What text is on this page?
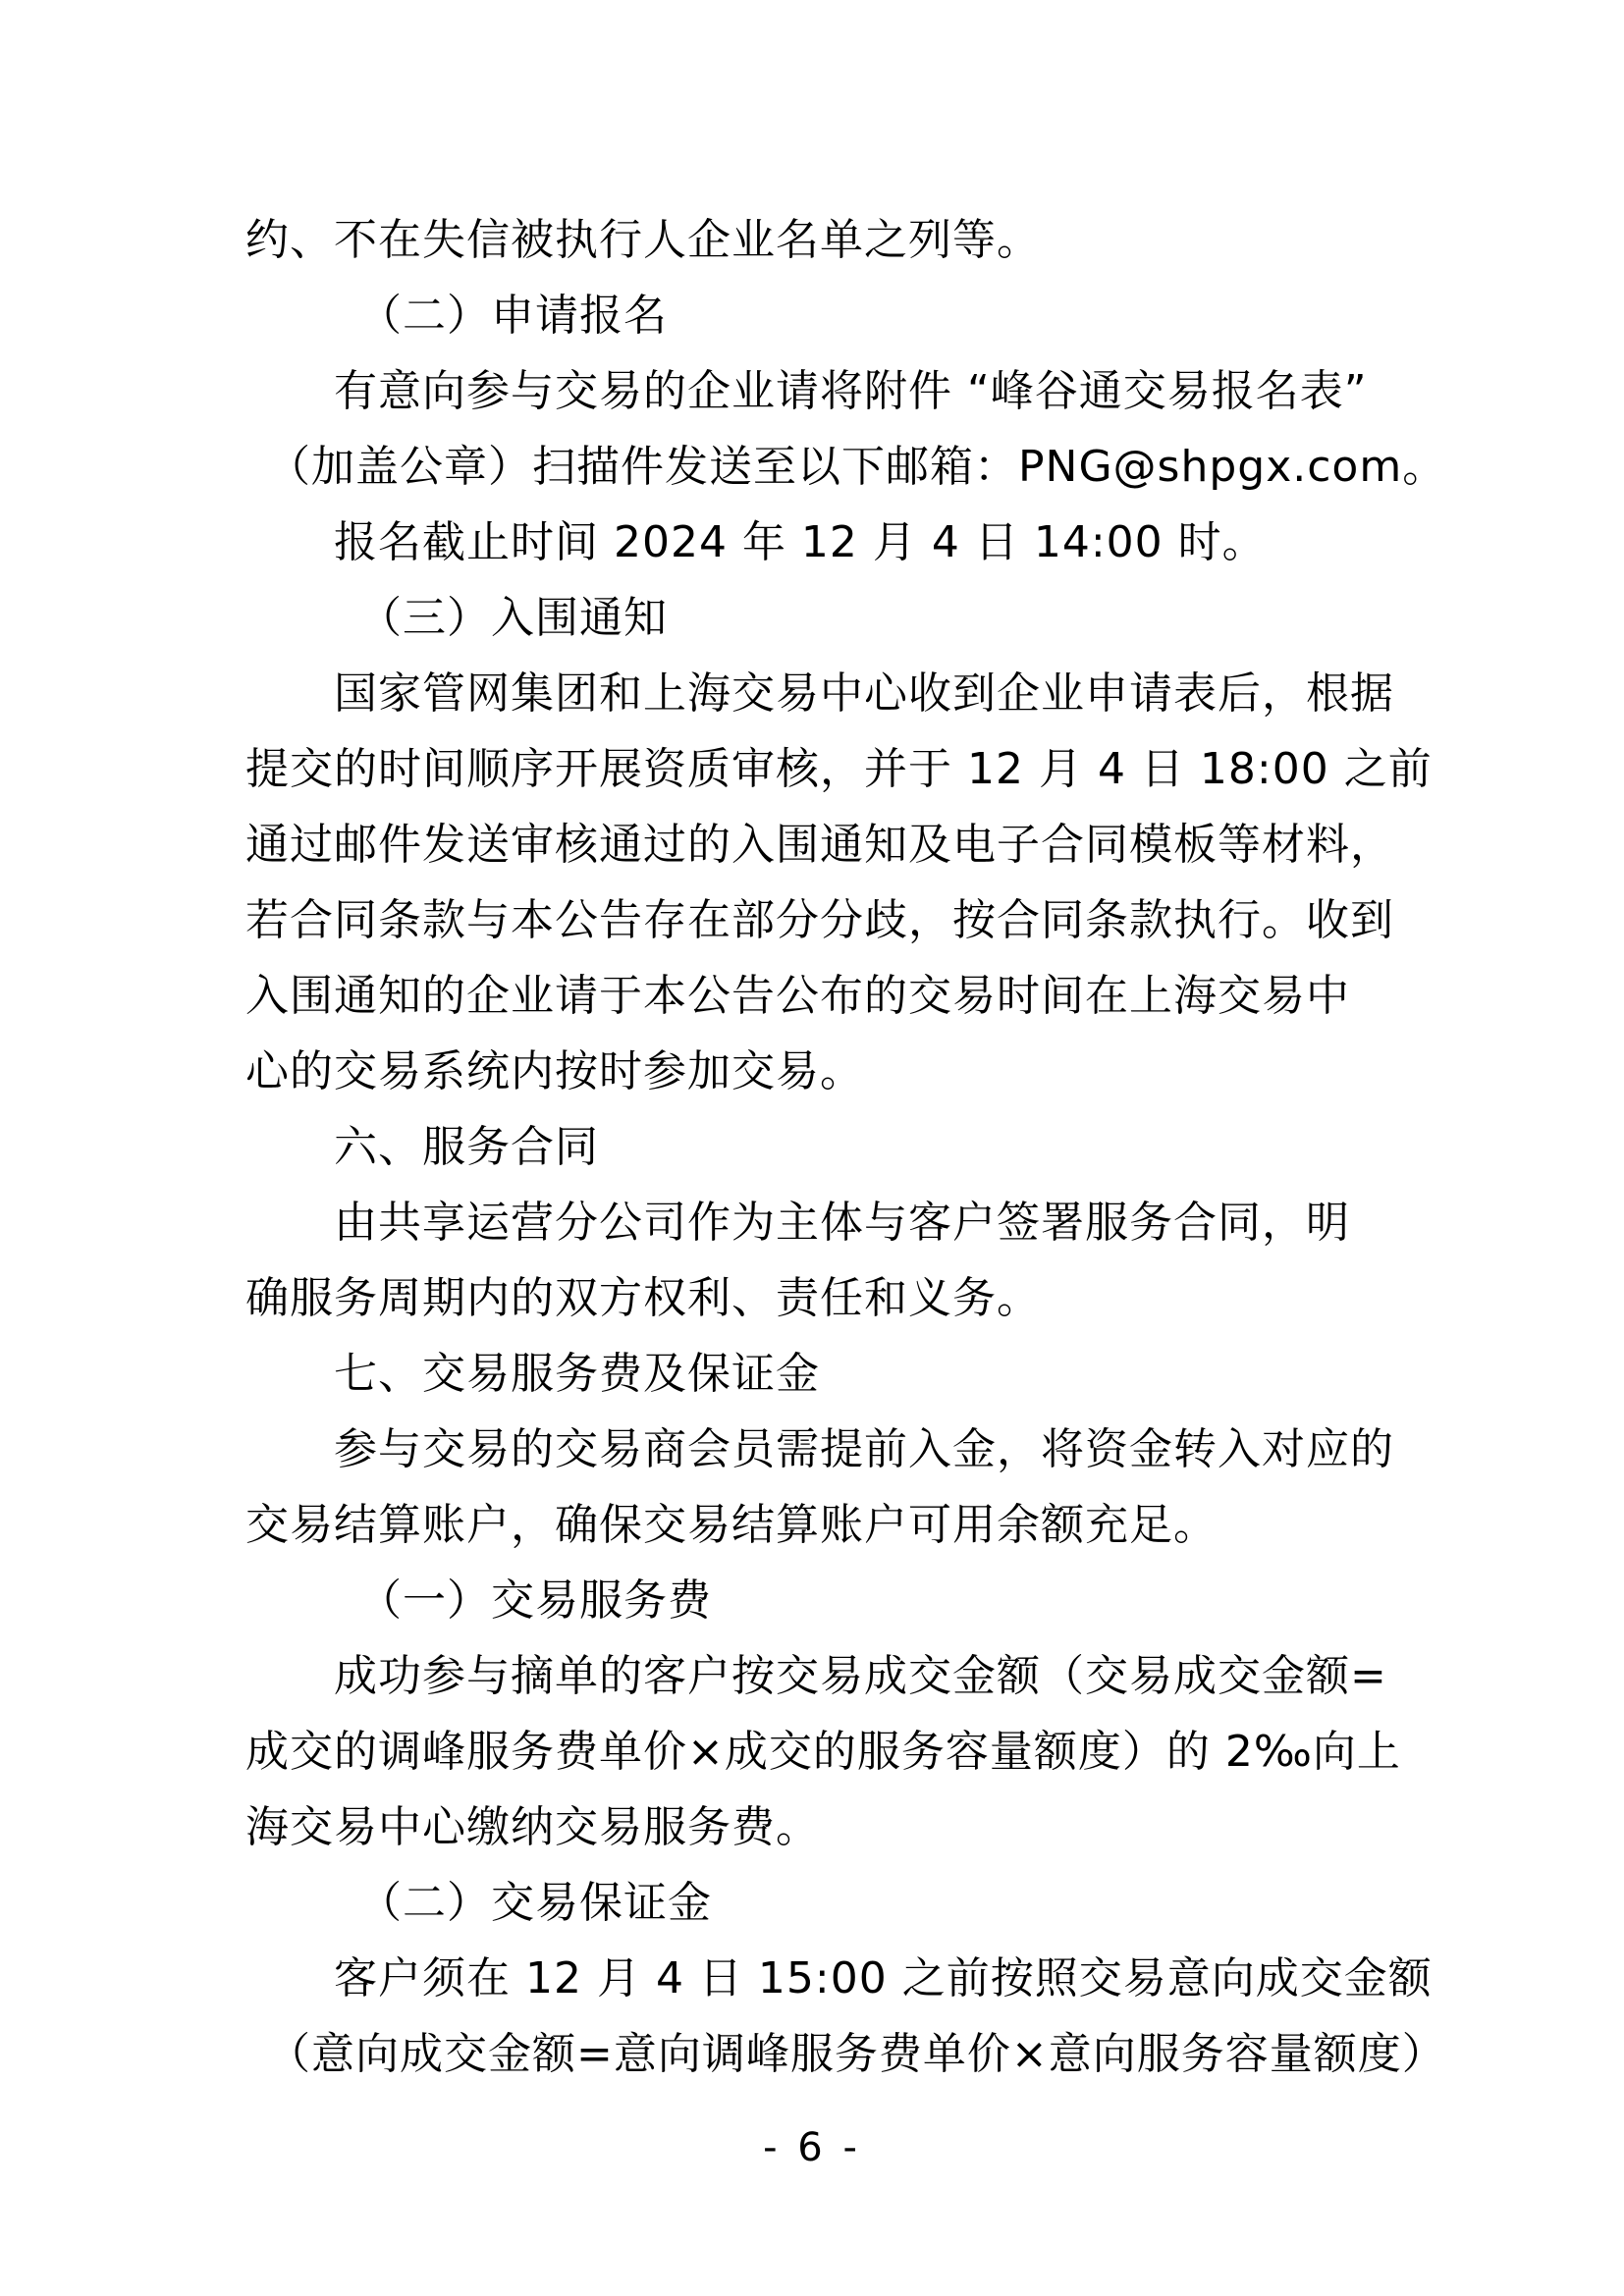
约、不在失信被执行人企业名单之列等。
（二）申请报名
有意向参与交易的企业请将附件 “峰谷通交易报名表”
（加盖公章）扫描件发送至以下邮箱：PNG@shpgx.com。
报名截止时间 2024 年 12 月 4 日 14:00 时。
（三）入围通知
国家管网集团和上海交易中心收到企业申请表后，根据
提交的时间顺序开展资质审核，并于 12 月 4 日 18:00 之前
通过邮件发送审核通过的入围通知及电子合同模板等材料，
若合同条款与本公告存在部分分歧，按合同条款执行。收到
入围通知的企业请于本公告公布的交易时间在上海交易中
心的交易系统内按时参加交易。
六、服务合同
由共享运营分公司作为主体与客户签署服务合同，明
确服务周期内的双方权利、责任和义务。
七、交易服务费及保证金
参与交易的交易商会员需提前入金，将资金转入对应的
交易结算账户，确保交易结算账户可用余额充足。
（一）交易服务费
成功参与摘单的客户按交易成交金额（交易成交金额=
成交的调峰服务费单价×成交的服务容量额度）的 2‰向上
海交易中心缴纳交易服务费。
（二）交易保证金
客户须在 12 月 4 日 15:00 之前按照交易意向成交金额
（意向成交金额=意向调峰服务费单价×意向服务容量额度）
- 6 -
